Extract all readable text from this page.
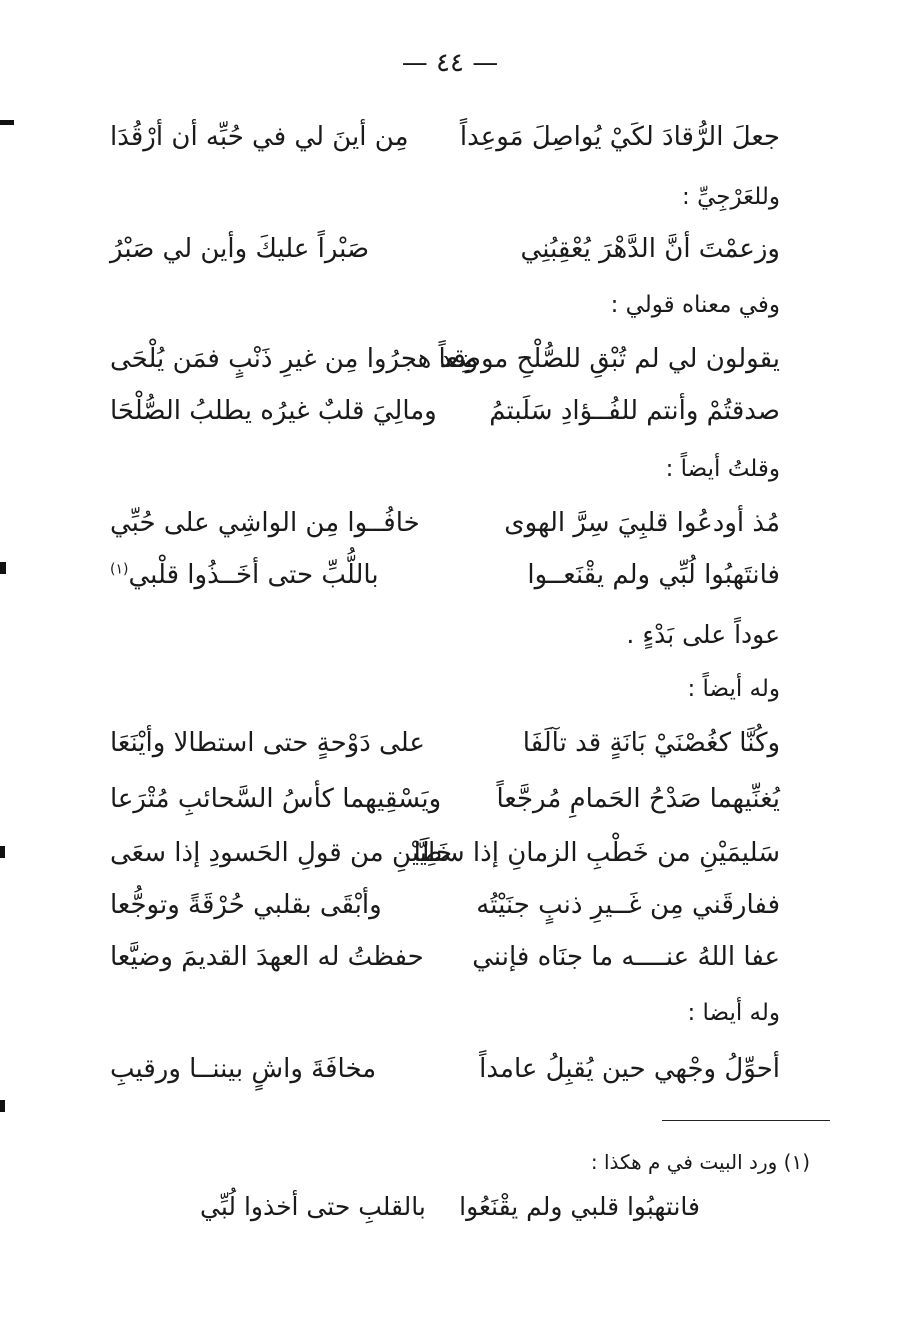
— ٤٤ —
جعلَ الرُّقادَ لكَيْ يُواصِلَ مَوعِداً
مِن أينَ لي في حُبِّه أن أرْقُدَا
وللعَرْجِيِّ :
وزعمْتَ أنَّ الدَّهْرَ يُعْقِبُنِي
صَبْراً عليكَ وأين لي صَبْرُ
وفي معناه قولي :
يقولون لي لم تُبْقِ للصُّلْحِ موضِعاً
وقد هجرُوا مِن غيرِ ذَنْبٍ فمَن يُلْحَى
صدقتُمْ وأنتم للفُــؤادِ سَلَبتمُ
ومالِيَ قلبٌ غيرُه يطلبُ الصُّلْحَا
وقلتُ أيضاً :
مُذ أودعُوا قلبِيَ سِرَّ الهوى
خافُــوا مِن الواشِي على حُبِّي
فانتَهبُوا لُبِّي ولم يقْنَعــوا
باللُّبِّ حتى أخَــذُوا قلْبي$^{(١)}$
عوداً على بَدْءٍ .
وله أيضاً :
وكُنَّا كغُصْنَيْ بَانَةٍ قد تآلَفَا
على دَوْحةٍ حتى استطالا وأيْنَعَا
يُغنِّيهما صَدْحُ الحَمامِ مُرجَّعاً
ويَسْقِيهما كأسُ السَّحائبِ مُتْرَعا
سَليمَيْنِ من خَطْبِ الزمانِ إذا سطَا
خَلِيَّيْنِ من قولِ الحَسودِ إذا سعَى
ففارقَني مِن غَــيرِ ذنبٍ جنَيْتُه
وأبْقَى بقلبي حُرْقَةً وتوجُّعا
عفا اللهُ عنــــه ما جنَاه فإنني
حفظتُ له العهدَ القديمَ وضيَّعا
وله أيضا :
أحوِّلُ وجْهي حين يُقبِلُ عامداً
مخافَةَ واشٍ بيننــا ورقيبِ
(١) ورد البيت في م هكذا :
فانتهبُوا قلبي ولم يقْنَعُوا
بالقلبِ حتى أخذوا لُبِّي
